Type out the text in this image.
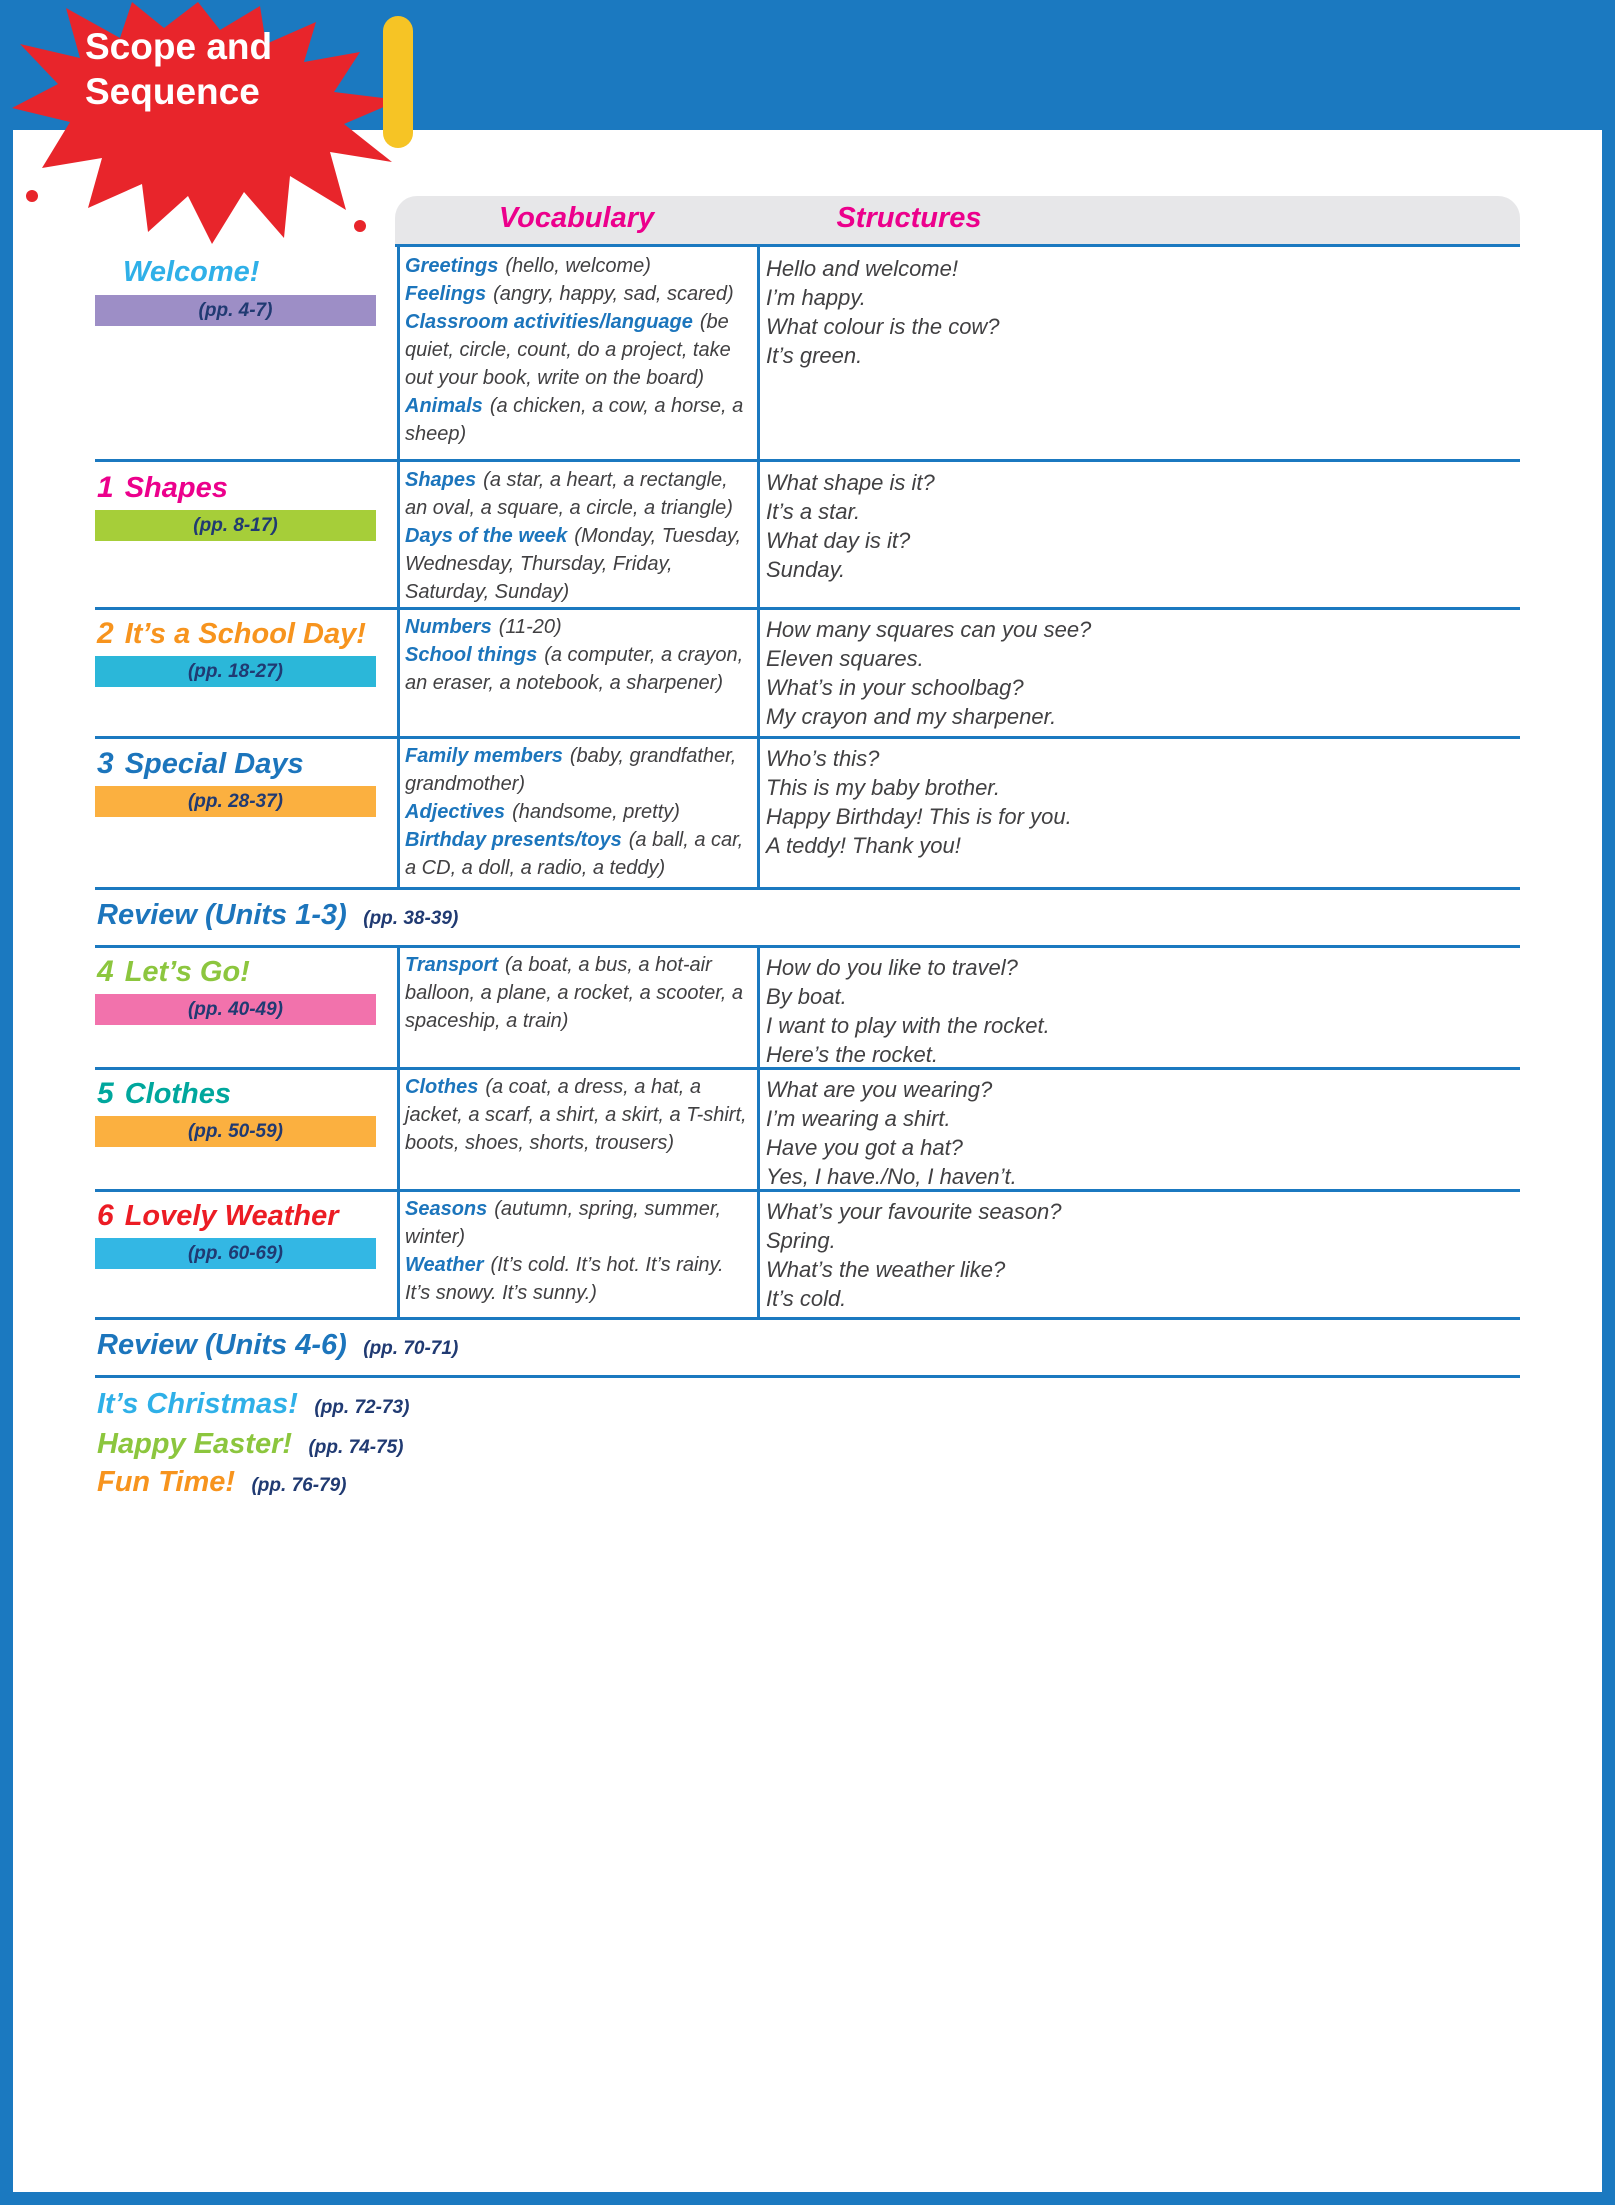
Scope and
Sequence
Vocabulary	Structures
Welcome!
(pp. 4-7)
Greetings (hello, welcome)
Feelings (angry, happy, sad, scared)
Classroom activities/language (be quiet, circle, count, do a project, take out your book, write on the board)
Animals (a chicken, a cow, a horse, a sheep)
Hello and welcome!
I’m happy.
What colour is the cow?
It’s green.
1 Shapes
(pp. 8-17)
Shapes (a star, a heart, a rectangle, an oval, a square, a circle, a triangle)
Days of the week (Monday, Tuesday, Wednesday, Thursday, Friday, Saturday, Sunday)
What shape is it?
It’s a star.
What day is it?
Sunday.
2 It’s a School Day!
(pp. 18-27)
Numbers (11-20)
School things (a computer, a crayon, an eraser, a notebook, a sharpener)
How many squares can you see?
Eleven squares.
What’s in your schoolbag?
My crayon and my sharpener.
3 Special Days
(pp. 28-37)
Family members (baby, grandfather, grandmother)
Adjectives (handsome, pretty)
Birthday presents/toys (a ball, a car, a CD, a doll, a radio, a teddy)
Who’s this?
This is my baby brother.
Happy Birthday! This is for you.
A teddy! Thank you!
Review (Units 1-3) (pp. 38-39)
4 Let’s Go!
(pp. 40-49)
Transport (a boat, a bus, a hot-air balloon, a plane, a rocket, a scooter, a spaceship, a train)
How do you like to travel?
By boat.
I want to play with the rocket.
Here’s the rocket.
5 Clothes
(pp. 50-59)
Clothes (a coat, a dress, a hat, a jacket, a scarf, a shirt, a skirt, a T-shirt, boots, shoes, shorts, trousers)
What are you wearing?
I’m wearing a shirt.
Have you got a hat?
Yes, I have./No, I haven’t.
6 Lovely Weather
(pp. 60-69)
Seasons (autumn, spring, summer, winter)
Weather (It’s cold. It’s hot. It’s rainy. It’s snowy. It’s sunny.)
What’s your favourite season?
Spring.
What’s the weather like?
It’s cold.
Review (Units 4-6) (pp. 70-71)
It’s Christmas! (pp. 72-73)
Happy Easter! (pp. 74-75)
Fun Time! (pp. 76-79)
